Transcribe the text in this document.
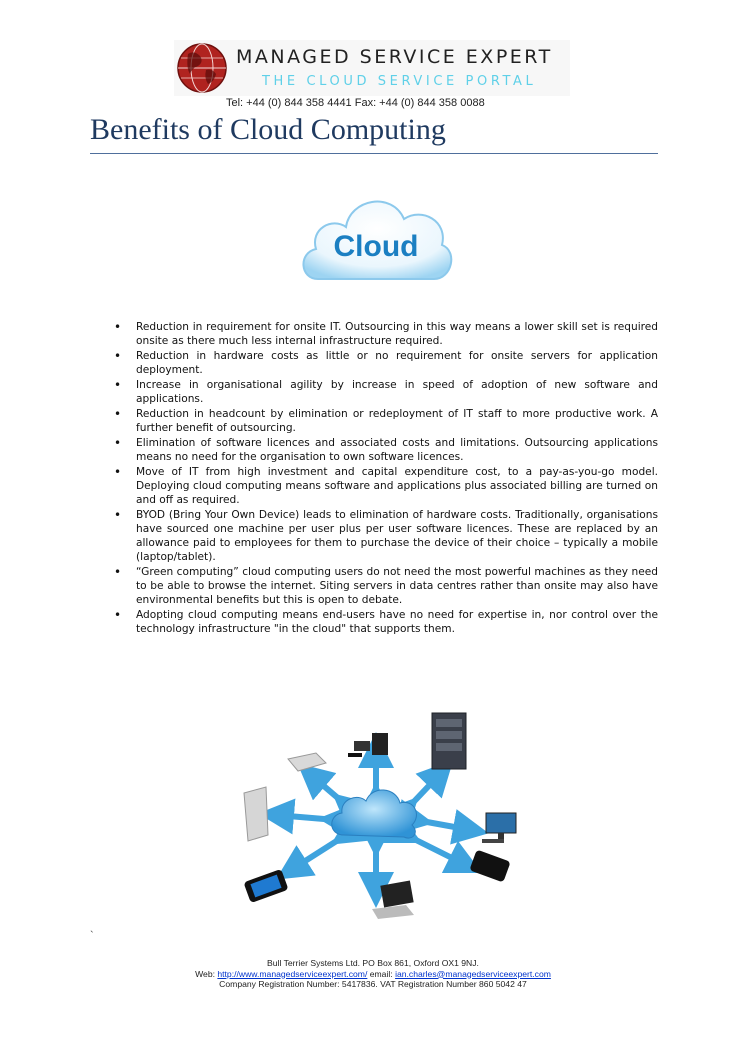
MANAGED SERVICE EXPERT
THE CLOUD SERVICE PORTAL
Tel: +44 (0) 844 358 4441 Fax: +44 (0) 844 358 0088
Benefits of Cloud Computing
Cloud
• Reduction in requirement for onsite IT. Outsourcing in this way means a lower skill set is required onsite as there much less internal infrastructure required.
• Reduction in hardware costs as little or no requirement for onsite servers for application deployment.
• Increase in organisational agility by increase in speed of adoption of new software and applications.
• Reduction in headcount by elimination or redeployment of IT staff to more productive work. A further benefit of outsourcing.
• Elimination of software licences and associated costs and limitations. Outsourcing applications means no need for the organisation to own software licences.
• Move of IT from high investment and capital expenditure cost, to a pay-as-you-go model. Deploying cloud computing means software and applications plus associated billing are turned on and off as required.
• BYOD (Bring Your Own Device) leads to elimination of hardware costs. Traditionally, organisations have sourced one machine per user plus per user software licences. These are replaced by an allowance paid to employees for them to purchase the device of their choice – typically a mobile (laptop/tablet).
• “Green computing” cloud computing users do not need the most powerful machines as they need to be able to browse the internet. Siting servers in data centres rather than onsite may also have environmental benefits but this is open to debate.
• Adopting cloud computing means end-users have no need for expertise in, nor control over the technology infrastructure "in the cloud" that supports them.
`
Bull Terrier Systems Ltd. PO Box 861, Oxford OX1 9NJ.
Web: http://www.managedserviceexpert.com/ email: ian.charles@managedserviceexpert.com
Company Registration Number: 5417836. VAT Registration Number 860 5042 47
